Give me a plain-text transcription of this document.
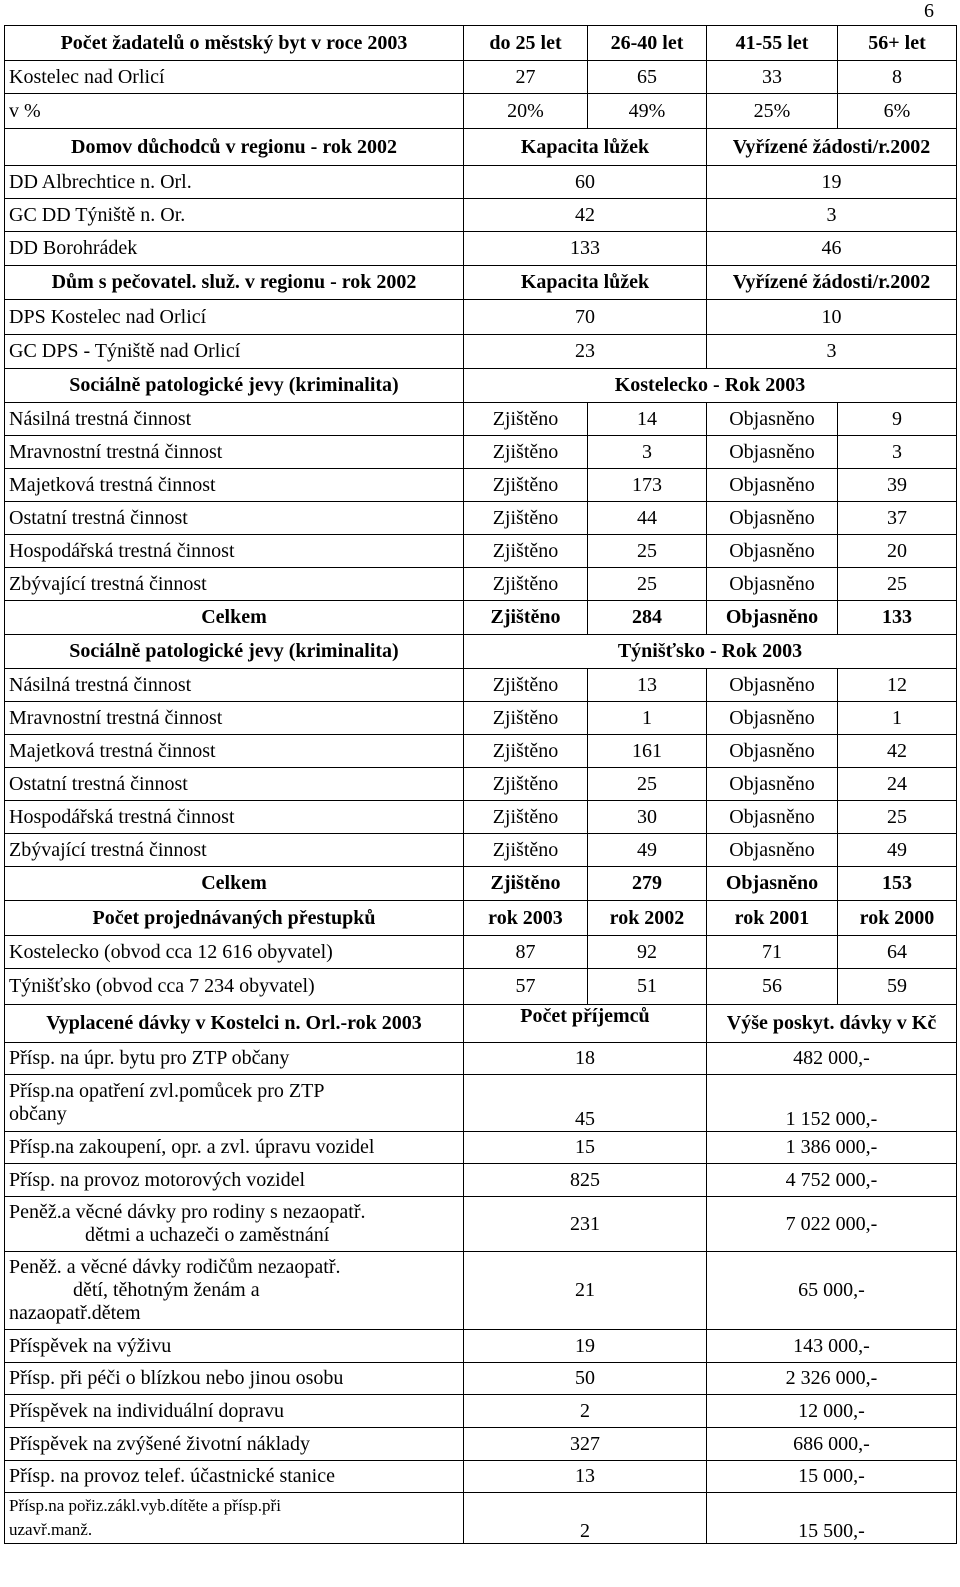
6
Počet žadatelů o městský byt v roce 2003	do 25 let	26-40 let	41-55 let	56+ let
Kostelec nad Orlicí	27	65	33	8
v %	20%	49%	25%	6%
Domov důchodců v regionu - rok 2002	Kapacita lůžek		Vyřízené žádosti/r.2002	
DD Albrechtice n. Orl.	60		19	
GC DD Týniště n. Or.	42		3	
DD Borohrádek	133		46	
Dům s pečovatel. služ. v regionu - rok 2002	Kapacita lůžek		Vyřízené žádosti/r.2002	
DPS Kostelec nad Orlicí	70		10	
GC DPS - Týniště nad Orlicí	23		3	
Sociálně patologické jevy (kriminalita)	Kostelecko - Rok 2003			
Násilná trestná činnost	Zjištěno	14	Objasněno	9
Mravnostní trestná činnost	Zjištěno	3	Objasněno	3
Majetková trestná činnost	Zjištěno	173	Objasněno	39
Ostatní trestná činnost	Zjištěno	44	Objasněno	37
Hospodářská trestná činnost	Zjištěno	25	Objasněno	20
Zbývající trestná činnost	Zjištěno	25	Objasněno	25
Celkem	Zjištěno	284	Objasněno	133
Sociálně patologické jevy (kriminalita)	Týnišťsko - Rok 2003			
Násilná trestná činnost	Zjištěno	13	Objasněno	12
Mravnostní trestná činnost	Zjištěno	1	Objasněno	1
Majetková trestná činnost	Zjištěno	161	Objasněno	42
Ostatní trestná činnost	Zjištěno	25	Objasněno	24
Hospodářská trestná činnost	Zjištěno	30	Objasněno	25
Zbývající trestná činnost	Zjištěno	49	Objasněno	49
Celkem	Zjištěno	279	Objasněno	153
Počet projednávaných přestupků	rok 2003	rok 2002	rok 2001	rok 2000
Kostelecko (obvod cca 12 616 obyvatel)	87	92	71	64
Týnišťsko (obvod cca 7 234 obyvatel)	57	51	56	59
Vyplacené dávky v Kostelci n. Orl.-rok 2003	Počet příjemců		Výše poskyt. dávky v Kč	

Přísp. na úpr. bytu pro ZTP občany	18		482 000,-	

Přísp.na opatření zvl.pomůcek pro ZTP
občany	45		1 152 000,-	

Přísp.na zakoupení, opr. a zvl. úpravu vozidel	15		1 386 000,-	

Přísp. na provoz motorových vozidel	825		4 752 000,-	

Peněž.a věcné dávky pro rodiny s nezaopatř.
dětmi a uchazeči o zaměstnání	231		7 022 000,-	

Peněž. a věcné dávky rodičům nezaopatř.
dětí, těhotným ženám a
nazaopatř.dětem	21		65 000,-	

Příspěvek na výživu	19		143 000,-	

Přísp. při péči o blízkou nebo jinou osobu	50		2 326 000,-	

Příspěvek na individuální dopravu	2		12 000,-	

Příspěvek na zvýšené životní náklady	327		686 000,-	

Přísp. na provoz telef. účastnické stanice	13		15 000,-	

Přísp.na pořiz.zákl.vyb.dítěte a přísp.při
uzavř.manž.	2		15 500,-	
